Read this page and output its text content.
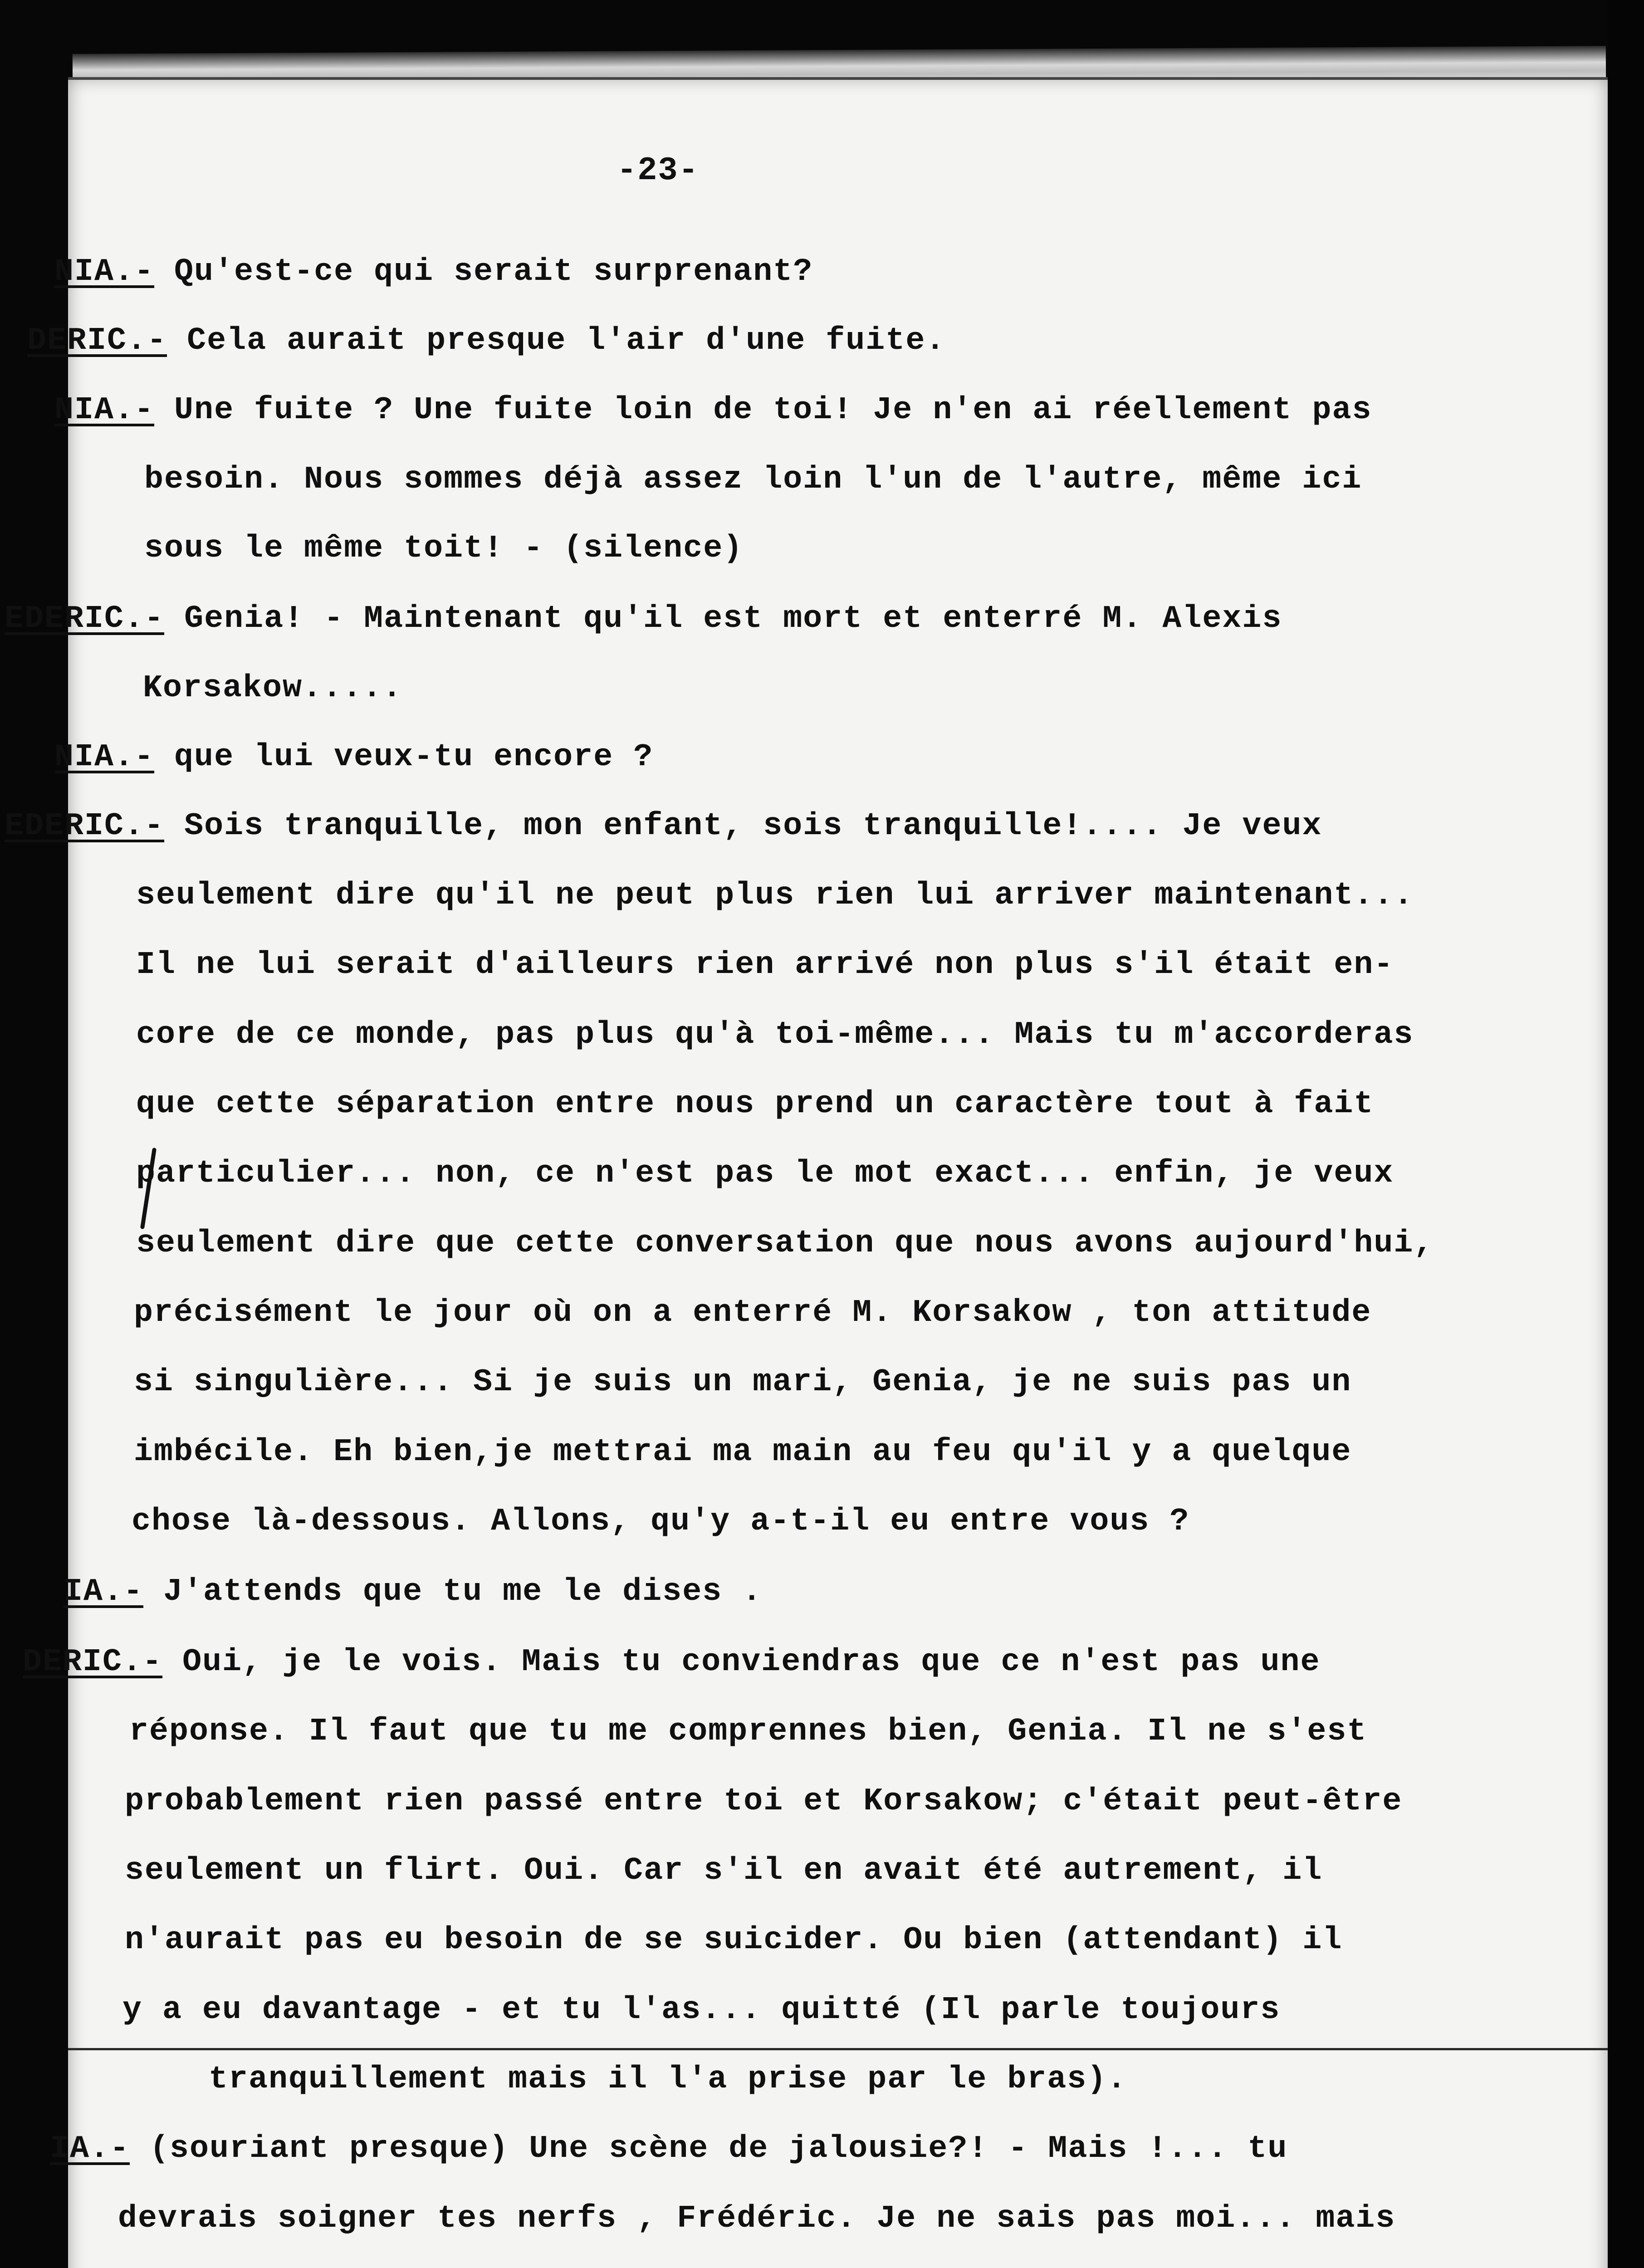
-23-
NIA.- Qu'est-ce qui serait surprenant?
DERIC.- Cela aurait presque l'air d'une fuite.
NIA.- Une fuite ? Une fuite loin de toi! Je n'en ai réellement pas
besoin. Nous sommes déjà assez loin l'un de l'autre, même ici
sous le même toit! - (silence)
EDERIC.- Genia! - Maintenant qu'il est mort et enterré M. Alexis
Korsakow.....
NIA.- que lui veux-tu encore ?
EDERIC.- Sois tranquille, mon enfant, sois tranquille!.... Je veux
seulement dire qu'il ne peut plus rien lui arriver maintenant...
Il ne lui serait d'ailleurs rien arrivé non plus s'il était en-
core de ce monde, pas plus qu'à toi-même... Mais tu m'accorderas
que cette séparation entre nous prend un caractère tout à fait
particulier... non, ce n'est pas le mot exact... enfin, je veux
seulement dire que cette conversation que nous avons aujourd'hui,
précisément le jour où on a enterré M. Korsakow , ton attitude
si singulière... Si je suis un mari, Genia, je ne suis pas un
imbécile. Eh bien,je mettrai ma main au feu qu'il y a quelque
chose là-dessous. Allons, qu'y a-t-il eu entre vous ?
IA.- J'attends que tu me le dises .
DERIC.- Oui, je le vois. Mais tu conviendras que ce n'est pas une
réponse. Il faut que tu me comprennes bien, Genia. Il ne s'est
probablement rien passé entre toi et Korsakow; c'était peut-être
seulement un flirt. Oui. Car s'il en avait été autrement, il
n'aurait pas eu besoin de se suicider. Ou bien (attendant) il
y a eu davantage - et tu l'as... quitté (Il parle toujours
tranquillement mais il l'a prise par le bras).
IA.- (souriant presque) Une scène de jalousie?! - Mais !... tu
devrais soigner tes nerfs , Frédéric. Je ne sais pas moi... mais
